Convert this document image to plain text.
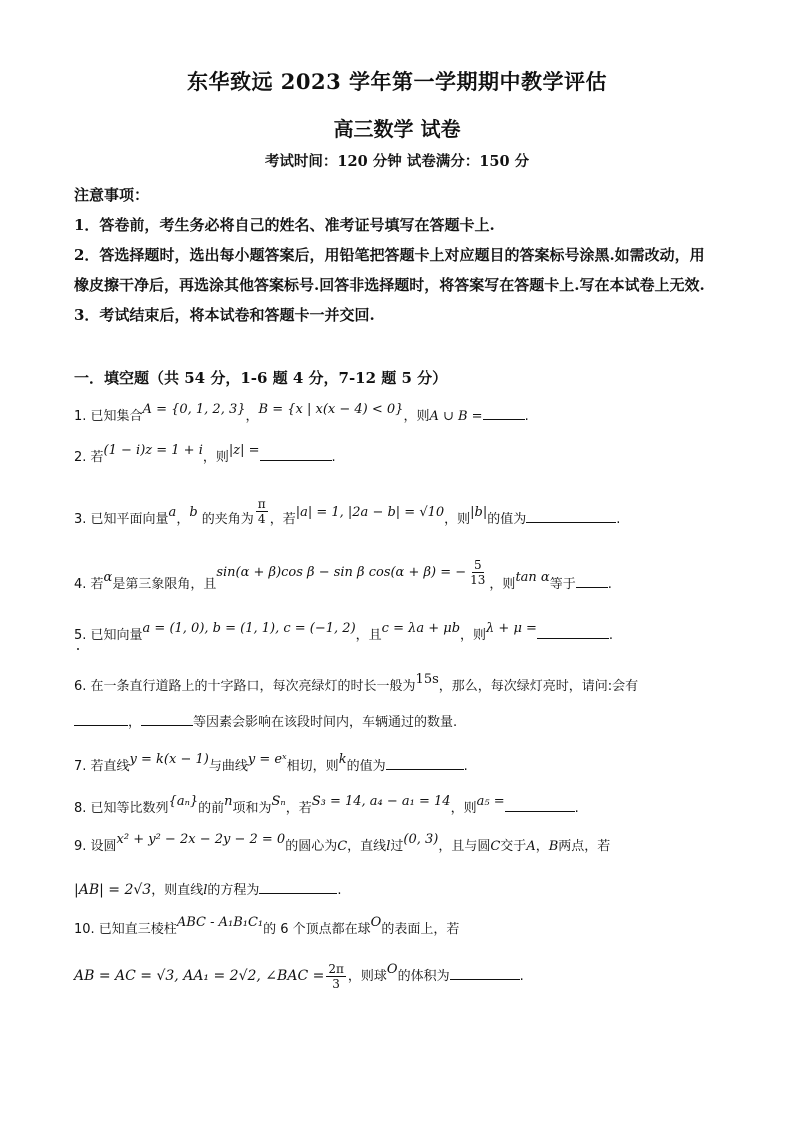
东华致远 2023 学年第一学期期中教学评估
高三数学 试卷
考试时间：120 分钟 试卷满分：150 分

注意事项：

1．答卷前，考生务必将自己的姓名、准考证号填写在答题卡上.

2．答选择题时，选出每小题答案后，用铅笔把答题卡上对应题目的答案标号涂黑.如需改动，用橡皮擦干净后，再选涂其他答案标号.回答非选择题时，将答案写在答题卡上.写在本试卷上无效.

3．考试结束后，将本试卷和答题卡一并交回.

一．填空题（共 54 分，1-6 题 4 分，7-12 题 5 分）
1. 已知集合A = {0, 1, 2, 3}，B = {x | x(x − 4) < 0}，则A ∪ B =	.
2. 若(1 − i)z = 1 + i，则|z| =	.
3. 已知平面向量a，b 的夹角为 $\frac{\pi}{4}$ ，若|a| = 1, |2a − b| = √10，则|b|的值为	.
4. 若α是第三象限角，且sin(α + β)cos β − sin β cos(α + β) = − $\frac{5}{13}$ ，则tan α等于 .
5. 已知向量a = (1, 0), b = (1, 1), c = (−1, 2)，且c = λa + μb，则λ + μ =	.
6. 在一条直行道路上的十字路口，每次亮绿灯的时长一般为15s，那么，每次绿灯亮时，请问:会有
，	等因素会影响在该段时间内，车辆通过的数量.
7. 若直线y = k(x − 1)与曲线y = eˣ相切，则k的值为	.
8. 已知等比数列{aₙ}的前n项和为Sₙ，若S₃ = 14, a₄ − a₁ = 14，则a₅ =	.
9. 设圆x² + y² − 2x − 2y − 2 = 0的圆心为C，直线l过(0, 3)，且与圆C交于A，B两点，若
|AB| = 2√3，则直线l的方程为	.
10. 已知直三棱柱ABC - A₁B₁C₁的 6 个顶点都在球O的表面上，若
AB = AC = √3, AA₁ = 2√2, ∠BAC = $\frac{2\pi}{3}$ ，则球O的体积为	.
